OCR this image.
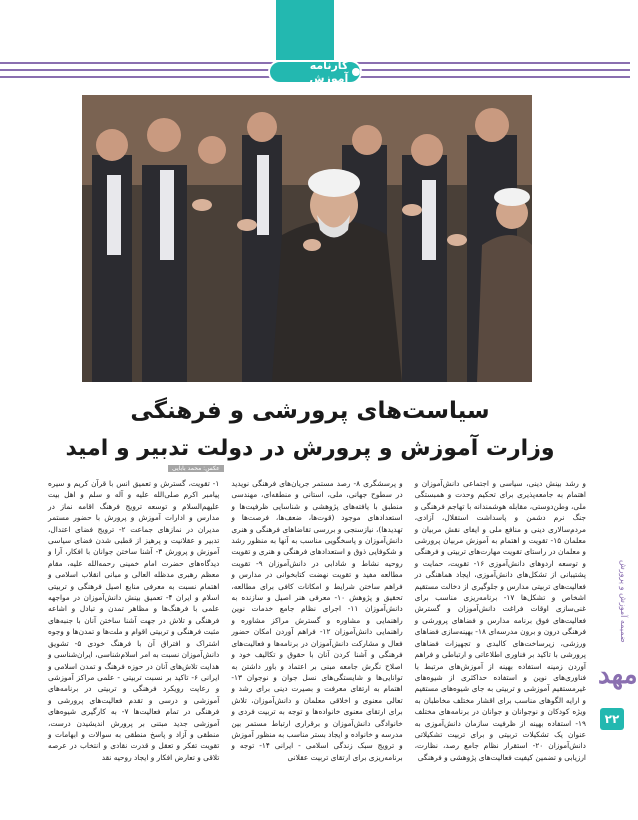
کارنامه آموزش
عکس: محمد بابایی
ضمیمه آموزش و پرورش
مهد
۲۲
سیاست‌های پرورشی و فرهنگی
وزارت آموزش و پرورش در دولت تدبیر و امید

۱- تقویت، گسترش و تعمیق انس با قرآن کریم و سیره پیامبر اکرم صلی‌الله علیه و آله و سلم و اهل بیت علیهم‌السلام و توسعه ترویج فرهنگ اقامه نماز در مدارس و ادارات آموزش و پرورش با حضور مستمر مدیران در نمازهای جماعت ۲- ترویج فضای اعتدال، تدبیر و عقلانیت و پرهیز از قطبی شدن فضای سیاسی آموزش و پرورش ۳- آشنا ساختن جوانان با افکار، آرا و دیدگاه‌های حضرت امام خمینی رحمه‌الله علیه، مقام معظم رهبری مدظله العالی و مبانی انقلاب اسلامی و اهتمام نسبت به معرفی منابع اصیل فرهنگی و تربیتی اسلام و ایران ۴- تعمیق بینش دانش‌آموزان در مواجهه علمی با فرهنگ‌ها و مظاهر تمدن و تبادل و اشاعه فرهنگی و تلاش در جهت آشنا ساختن آنان با جنبه‌های مثبت فرهنگی و تربیتی اقوام و ملت‌ها و تمدن‌ها و وجوه اشتراک و افتراق آن با فرهنگ خودی ۵- تشویق دانش‌آموزان نسبت به امر اسلام‌شناسی، ایران‌شناسی و هدایت تلاش‌های آنان در حوزه فرهنگ و تمدن اسلامی و ایرانی ۶- تاکید بر نسبت تربیتی - علمی مراکز آموزشی و رعایت رویکرد فرهنگی و تربیتی در برنامه‌های آموزشی و درسی و تقدم فعالیت‌های پرورشی و فرهنگی در تمام فعالیت‌ها ۷- به کارگیری شیوه‌های آموزشی جدید مبتنی بر پرورش اندیشیدن درست، منطقی و آزاد و پاسخ منطقی به سوالات و ابهامات و تقویت تفکر و تعقل و قدرت نقادی و انتخاب در عرصه تلاقی و تعارض افکار و ایجاد روحیه نقد

و پرسشگری ۸- رصد مستمر جریان‌های فرهنگی نوپدید در سطوح جهانی، ملی، استانی و منطقه‌ای، مهندسی منطبق با یافته‌های پژوهشی و شناسایی ظرفیت‌ها و استعدادهای موجود (قوت‌ها، ضعف‌ها، فرصت‌ها و تهدیدها)، نیازسنجی و بررسی تقاضاهای فرهنگی و هنری دانش‌آموزان و پاسخگویی مناسب به آنها به منظور رشد و شکوفایی ذوق و استعدادهای فرهنگی و هنری و تقویت روحیه نشاط و شادابی در دانش‌آموزان ۹- تقویت مطالعه مفید و تقویت نهضت کتابخوانی در مدارس و فراهم ساختن شرایط و امکانات کافی برای مطالعه، تحقیق و پژوهش ۱۰- معرفی هنر اصیل و سازنده به دانش‌آموزان ۱۱- اجرای نظام جامع خدمات نوین راهنمایی و مشاوره و گسترش مراکز مشاوره و راهنمایی دانش‌آموزان ۱۲- فراهم آوردن امکان حضور فعال و مشارکت دانش‌آموزان در برنامه‌ها و فعالیت‌های فرهنگی و آشنا کردن آنان با حقوق و تکالیف خود و اصلاح نگرش جامعه مبنی بر اعتماد و باور داشتن به توانایی‌ها و شایستگی‌های نسل جوان و نوجوان ۱۳- اهتمام به ارتقای معرفت و بصیرت دینی برای رشد و تعالی معنوی و اخلاقی معلمان و دانش‌آموزان، تلاش برای ارتقای معنوی خانواده‌ها و توجه به تربیت فردی و خانوادگی دانش‌آموزان و برقراری ارتباط مستمر بین مدرسه و خانواده و ایجاد بستر مناسب به منظور آموزش و ترویج سبک زندگی اسلامی - ایرانی ۱۴- توجه و برنامه‌ریزی برای ارتقای تربیت عقلانی

و رشد بینش دینی، سیاسی و اجتماعی دانش‌آموزان و اهتمام به جامعه‌پذیری برای تحکیم وحدت و همبستگی ملی، وطن‌دوستی، مقابله هوشمندانه با تهاجم فرهنگی و جنگ نرم دشمن و پاسداشت استقلال، آزادی، مردم‌سالاری دینی و منافع ملی و ایفای نقش مربیان و معلمان ۱۵- تقویت و اهتمام به آموزش مربیان پرورشی و معلمان در راستای تقویت مهارت‌های تربیتی و فرهنگی و توسعه اردوهای دانش‌آموزی ۱۶- تقویت، حمایت و پشتیبانی از تشکل‌های دانش‌آموزی، ایجاد هماهنگی در فعالیت‌های تربیتی مدارس و جلوگیری از دخالت مستقیم اشخاص و تشکل‌ها ۱۷- برنامه‌ریزی مناسب برای غنی‌سازی اوقات فراغت دانش‌آموزان و گسترش فعالیت‌های فوق برنامه مدارس و فضاهای پرورشی و فرهنگی درون و برون مدرسه‌ای ۱۸- بهینه‌سازی فضاهای ورزشی، زیرساخت‌های کالبدی و تجهیزات فضاهای پرورشی با تاکید بر فناوری اطلاعاتی و ارتباطی و فراهم آوردن زمینه استفاده بهینه از آموزش‌های مرتبط با فناوری‌های نوین و استفاده حداکثری از شیوه‌های غیرمستقیم آموزشی و تربیتی به جای شیوه‌های مستقیم و ارایه الگوهای مناسب برای اقشار مختلف مخاطبان به ویژه کودکان و نوجوانان و جوانان در برنامه‌های مختلف ۱۹- استفاده بهینه از ظرفیت سازمان دانش‌آموزی به عنوان یک تشکیلات تربیتی و برای تربیت تشکیلاتی دانش‌آموزان ۲۰- استقرار نظام جامع رصد، نظارت، ارزیابی و تضمین کیفیت فعالیت‌های پژوهشی و فرهنگی
